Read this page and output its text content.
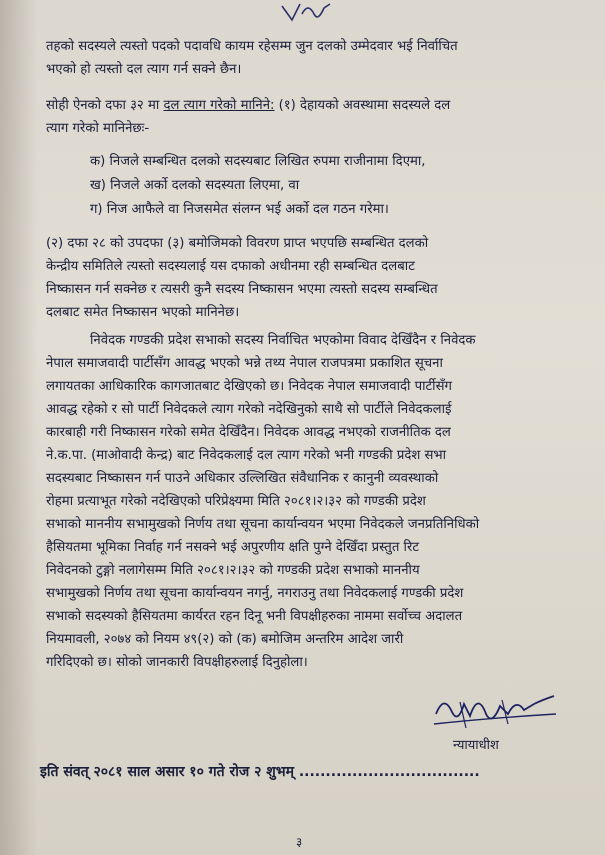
तहको सदस्यले त्यस्तो पदको पदावधि कायम रहेसम्म जुन दलको उम्मेदवार भई निर्वाचित
भएको हो त्यस्तो दल त्याग गर्न सक्ने छैन।
सोही ऐनको दफा ३२ मा दल त्याग गरेको मानिने: (१) देहायको अवस्थामा सदस्यले दल
त्याग गरेको मानिनेछः-
क) निजले सम्बन्धित दलको सदस्यबाट लिखित रुपमा राजीनामा दिएमा,
ख) निजले अर्को दलको सदस्यता लिएमा, वा
ग) निज आफैले वा निजसमेत संलग्न भई अर्को दल गठन गरेमा।
(२) दफा २८ को उपदफा (३) बमोजिमको विवरण प्राप्त भएपछि सम्बन्धित दलको
केन्द्रीय समितिले त्यस्तो सदस्यलाई यस दफाको अधीनमा रही सम्बन्धित दलबाट
निष्कासन गर्न सक्नेछ र त्यसरी कुनै सदस्य निष्कासन भएमा त्यस्तो सदस्य सम्बन्धित
दलबाट समेत निष्कासन भएको मानिनेछ।
निवेदक गण्डकी प्रदेश सभाको सदस्य निर्वाचित भएकोमा विवाद देखिँदैन र निवेदक
नेपाल समाजवादी पार्टीसँग आवद्ध भएको भन्ने तथ्य नेपाल राजपत्रमा प्रकाशित सूचना
लगायतका आधिकारिक कागजातबाट देखिएको छ। निवेदक नेपाल समाजवादी पार्टीसँग
आवद्ध रहेको र सो पार्टी निवेदकले त्याग गरेको नदेखिनुको साथै सो पार्टीले निवेदकलाई
कारबाही गरी निष्कासन गरेको समेत देखिँदैन। निवेदक आवद्ध नभएको राजनीतिक दल
ने.क.पा. (माओवादी केन्द्र) बाट निवेदकलाई दल त्याग गरेको भनी गण्डकी प्रदेश सभा
सदस्यबाट निष्कासन गर्न पाउने अधिकार उल्लिखित संवैधानिक र कानुनी व्यवस्थाको
रोहमा प्रत्याभूत गरेको नदेखिएको परिप्रेक्ष्यमा मिति २०८१।२।३२ को गण्डकी प्रदेश
सभाको माननीय सभामुखको निर्णय तथा सूचना कार्यान्वयन भएमा निवेदकले जनप्रतिनिधिको
हैसियतमा भूमिका निर्वाह गर्न नसक्ने भई अपुरणीय क्षति पुग्ने देखिँदा प्रस्तुत रिट
निवेदनको टुङ्गो नलागेसम्म मिति २०८१।२।३२ को गण्डकी प्रदेश सभाको माननीय
सभामुखको निर्णय तथा सूचना कार्यान्वयन नगर्नु, नगराउनु तथा निवेदकलाई गण्डकी प्रदेश
सभाको सदस्यको हैसियतमा कार्यरत रहन दिनू भनी विपक्षीहरुका नाममा सर्वोच्च अदालत
नियमावली, २०७४ को नियम ४९(२) को (क) बमोजिम अन्तरिम आदेश जारी
गरिदिएको छ। सोको जानकारी विपक्षीहरुलाई दिनुहोला।
न्यायाधीश
इति संवत् २०८१ साल असार १० गते रोज २ शुभम् ..................................
३
